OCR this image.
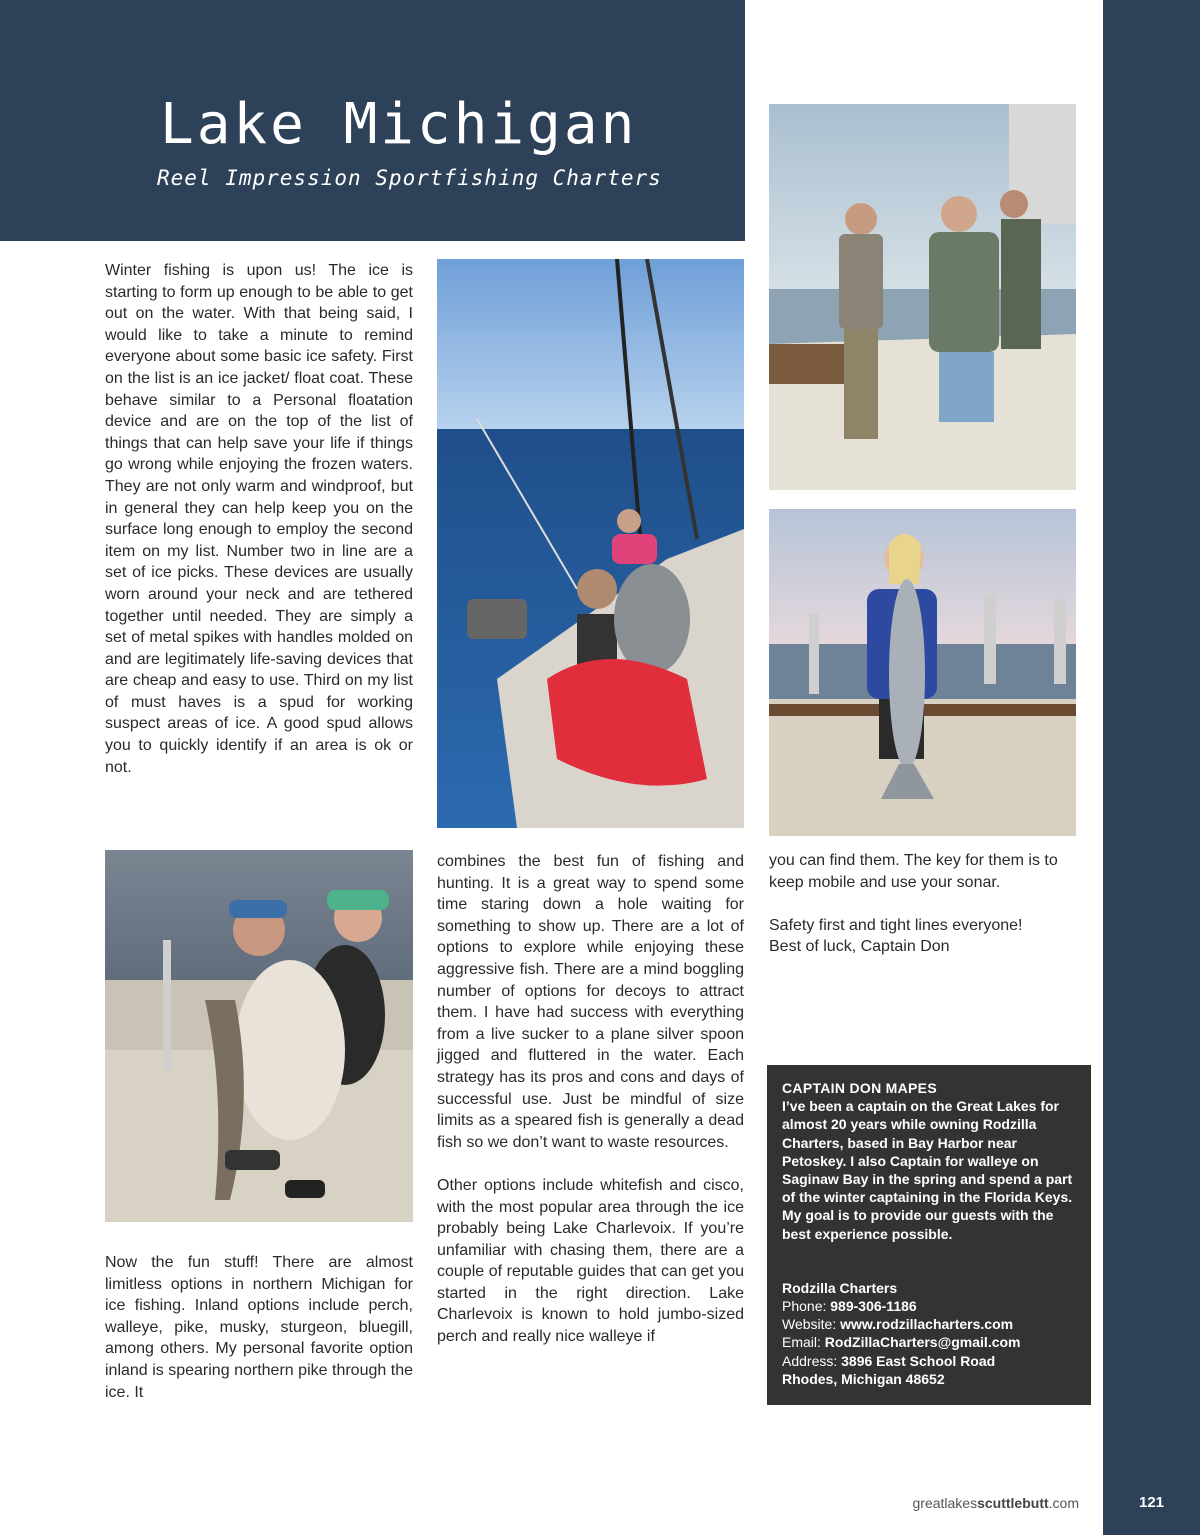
Lake Michigan
Reel Impression Sportfishing Charters

Winter fishing is upon us! The ice is starting to form up enough to be able to get out on the water. With that being said, I would like to take a minute to remind everyone about some basic ice safety. First on the list is an ice jacket/ float coat. These behave similar to a Personal floatation device and are on the top of the list of things that can help save your life if things go wrong while enjoying the frozen waters. They are not only warm and windproof, but in general they can help keep you on the surface long enough to employ the second item on my list. Number two in line are a set of ice picks. These devices are usually worn around your neck and are tethered together until needed. They are simply a set of metal spikes with handles molded on and are legitimately life-saving devices that are cheap and easy to use. Third on my list of must haves is a spud for working suspect areas of ice. A good spud allows you to quickly identify if an area is ok or not.

Now the fun stuff! There are almost limitless options in northern Michigan for ice fishing. Inland options include perch, walleye, pike, musky, sturgeon, bluegill, among others. My personal favorite option inland is spearing northern pike through the ice. It

combines the best fun of fishing and hunting. It is a great way to spend some time staring down a hole waiting for something to show up. There are a lot of options to explore while enjoying these aggressive fish. There are a mind boggling number of options for decoys to attract them. I have had success with everything from a live sucker to a plane silver spoon jigged and fluttered in the water. Each strategy has its pros and cons and days of successful use. Just be mindful of size limits as a speared fish is generally a dead fish so we don’t want to waste resources.

Other options include whitefish and cisco, with the most popular area through the ice probably being Lake Charlevoix. If you’re unfamiliar with chasing them, there are a couple of reputable guides that can get you started in the right direction. Lake Charlevoix is known to hold jumbo-sized perch and really nice walleye if

you can find them. The key for them is to keep mobile and use your sonar.

Safety first and tight lines everyone!
Best of luck, Captain Don

CAPTAIN DON MAPES
I’ve been a captain on the Great Lakes for almost 20 years while owning Rodzilla Charters, based in Bay Harbor near Petoskey. I also Captain for walleye on Saginaw Bay in the spring and spend a part of the winter captaining in the Florida Keys. My goal is to provide our guests with the best experience possible.
Rodzilla Charters
Phone: 989-306-1186
Website: www.rodzillacharters.com
Email: RodZillaCharters@gmail.com
Address: 3896 East School Road
Rhodes, Michigan 48652
greatlakesscuttlebutt.com	121
